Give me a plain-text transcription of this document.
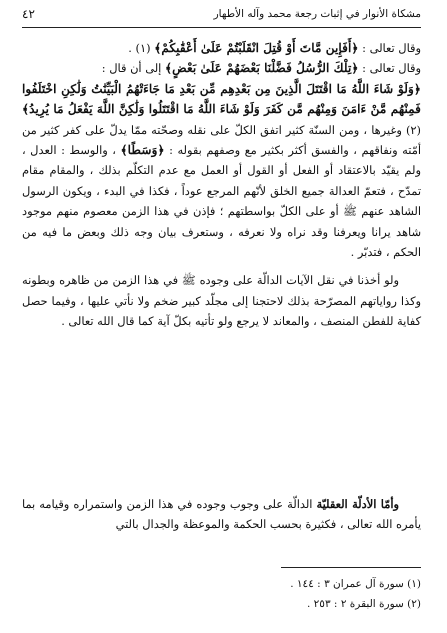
مشكاة الأنوار في إثبات رجعة محمد وآله الأطهار
٤٢

وقال تعالى : ﴿أَفَإِين مَّاتَ أَوْ قُتِلَ انْقَلَبْتُمْ عَلَىٰ أَعْقَٰبِكُمْ﴾ (١) .

وقال تعالى : ﴿تِلْكَ الرُّسُلُ فَضَّلْنَا بَعْضَهُمْ عَلَىٰ بَعْضٍ﴾ إلى أن قال :

﴿وَلَوْ شَاءَ اللَّهُ مَا اقْتَتَلَ الَّذِينَ مِن بَعْدِهِم مِّن بَعْدِ مَا جَاءَتْهُمُ الْبَيِّنَٰتُ وَلَٰكِنِ اخْتَلَفُوا فَمِنْهُم مَّنْ ءَامَنَ وَمِنْهُم مَّن كَفَرَ وَلَوْ شَاءَ اللَّهُ مَا اقْتَتَلُوا وَلَٰكِنَّ اللَّهَ يَفْعَلُ مَا يُرِيدُ﴾ (٢) وغيرها ، ومن السنّة كثير اتفق الكلّ على نقله وصحّته ممّا يدلّ على كفر كثير من أمّته ونفاقهم ، والفسق أكثر بكثير مع وصفهم بقوله : ﴿وَسَطًا﴾ ، والوسط : العدل ، ولم يقيّد بالاعتقاد أو الفعل أو القول أو العمل مع عدم التكلّم بذلك ، والمقام مقام تمدّح ، فتعمّ العدالة جميع الخلق لأنّهم المرجع عوداً ، فكذا في البدء ، ويكون الرسول الشاهد عنهم ﷺ أو على الكلّ بواسطتهم ؛ فإذن في هذا الزمن معصوم منهم موجود شاهد يرانا ويعرفنا وقد نراه ولا نعرفه ، وستعرف بيان وجه ذلك وبعض ما فيه من الحكم ، فتدبّر .

ولو أخذنا في نقل الآيات الدالّة على وجوده ﷺ في هذا الزمن من ظاهره وبطونه وكذا رواياتهم المصرّحة بذلك لاحتجنا إلى مجلّد كبير ضخم ولا نأتي عليها ، وفيما حصل كفاية للفطن المنصف ، والمعاند لا يرجع ولو تأتيه بكلّ آية كما قال الله تعالى .

وأمّا الأدلّة العقليّة الدالّة على وجوب وجوده في هذا الزمن واستمراره وقيامه بما يأمره الله تعالى ، فكثيرة بحسب الحكمة والموعظة والجدال بالتي

(١) سورة آل عمران ٣ : ١٤٤ .

(٢) سورة البقرة ٢ : ٢٥٣ .
